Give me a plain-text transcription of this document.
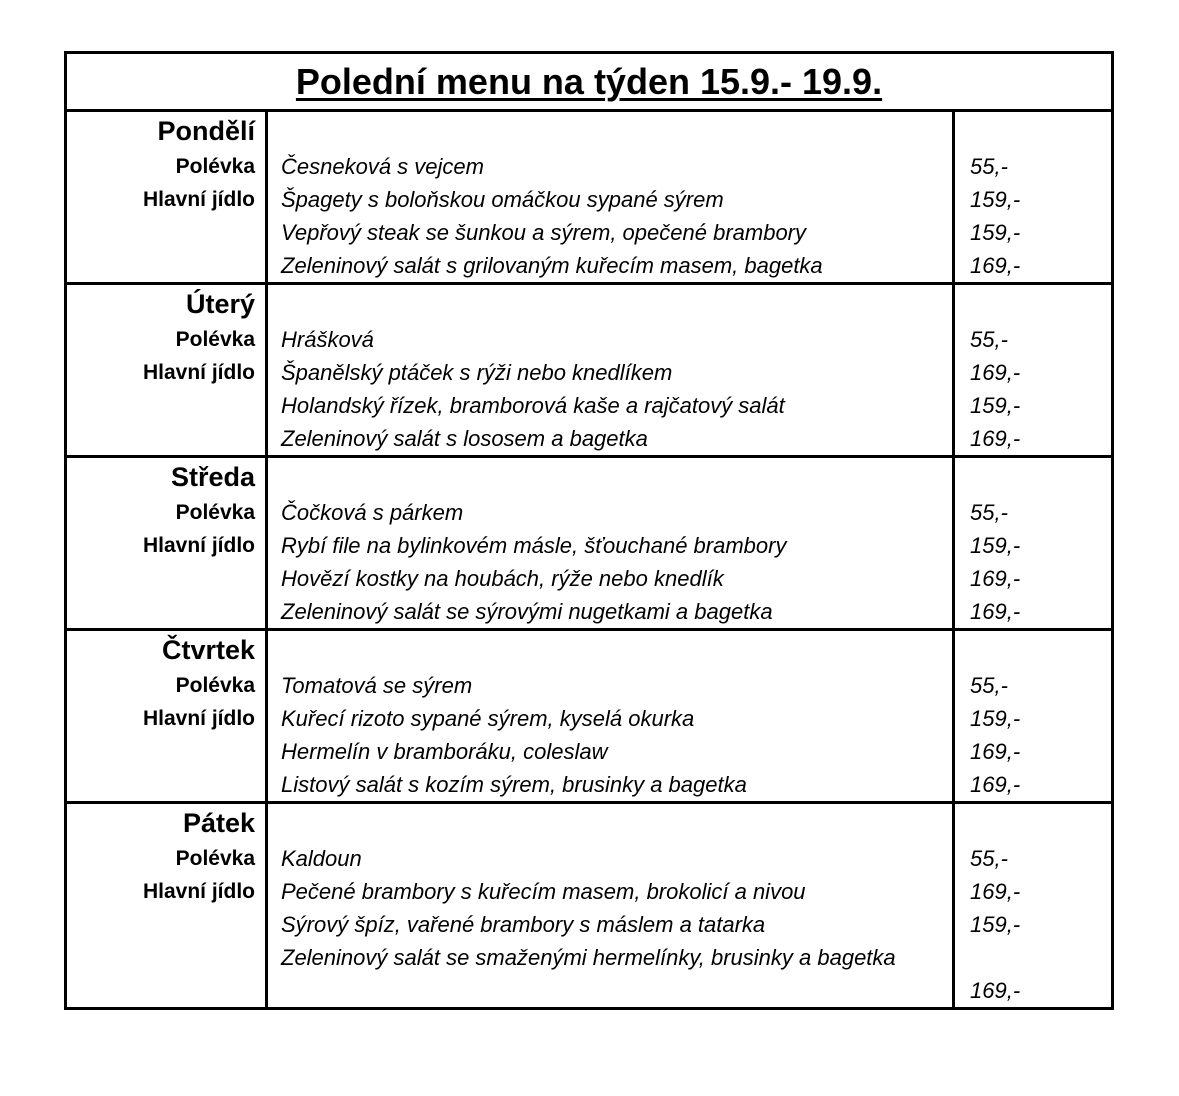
Polední menu na týden 15.9.- 19.9.
Pondělí
Polévka
Hlavní jídlo
Česneková s vejcem
Špagety s boloňskou omáčkou sypané sýrem
Vepřový steak se šunkou a sýrem, opečené brambory
Zeleninový salát s grilovaným kuřecím masem, bagetka
55,-
159,-
159,-
169,-
Úterý
Polévka
Hlavní jídlo
Hrášková
Španělský ptáček s rýži nebo knedlíkem
Holandský řízek, bramborová kaše a rajčatový salát
Zeleninový salát s lososem a bagetka
55,-
169,-
159,-
169,-
Středa
Polévka
Hlavní jídlo
Čočková s párkem
Rybí file na bylinkovém másle, šťouchané brambory
Hovězí kostky na houbách, rýže nebo knedlík
Zeleninový salát se sýrovými nugetkami a bagetka
55,-
159,-
169,-
169,-
Čtvrtek
Polévka
Hlavní jídlo
Tomatová se sýrem
Kuřecí rizoto sypané sýrem, kyselá okurka
Hermelín v bramboráku, coleslaw
Listový salát s kozím sýrem, brusinky a bagetka
55,-
159,-
169,-
169,-
Pátek
Polévka
Hlavní jídlo
Kaldoun
Pečené brambory s kuřecím masem, brokolicí a nivou
Sýrový špíz, vařené brambory s máslem a tatarka
Zeleninový salát se smaženými hermelínky, brusinky a bagetka
55,-
169,-
159,-
169,-
